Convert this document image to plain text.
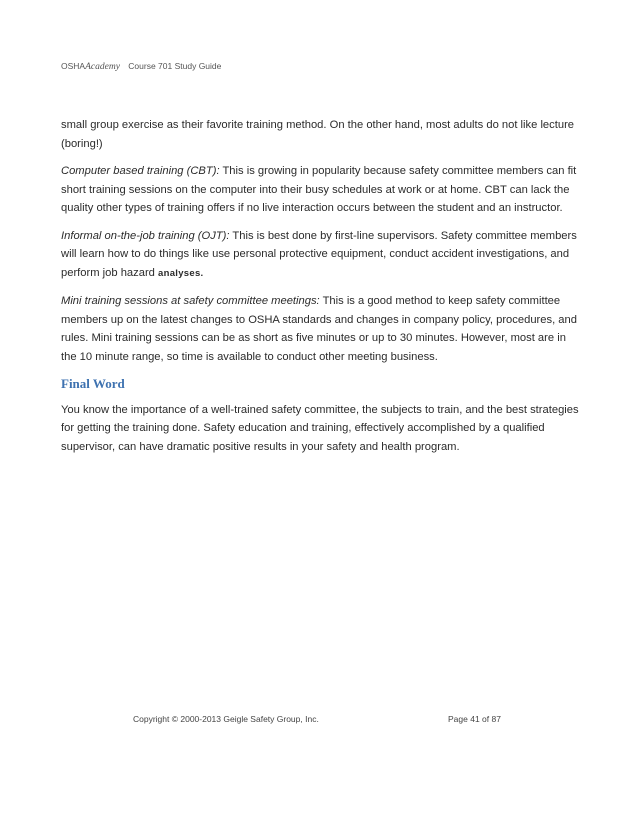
OSHAAcademy Course 701 Study Guide

small group exercise as their favorite training method. On the other hand, most adults do not like lecture (boring!)

Computer based training (CBT): This is growing in popularity because safety committee members can fit short training sessions on the computer into their busy schedules at work or at home. CBT can lack the quality other types of training offers if no live interaction occurs between the student and an instructor.

Informal on-the-job training (OJT): This is best done by first-line supervisors. Safety committee members will learn how to do things like use personal protective equipment, conduct accident investigations, and perform job hazard analyses.

Mini training sessions at safety committee meetings: This is a good method to keep safety committee members up on the latest changes to OSHA standards and changes in company policy, procedures, and rules. Mini training sessions can be as short as five minutes or up to 30 minutes. However, most are in the 10 minute range, so time is available to conduct other meeting business.

Final Word

You know the importance of a well-trained safety committee, the subjects to train, and the best strategies for getting the training done. Safety education and training, effectively accomplished by a qualified supervisor, can have dramatic positive results in your safety and health program.

Copyright © 2000-2013 Geigle Safety Group, Inc.	Page 41 of 87
